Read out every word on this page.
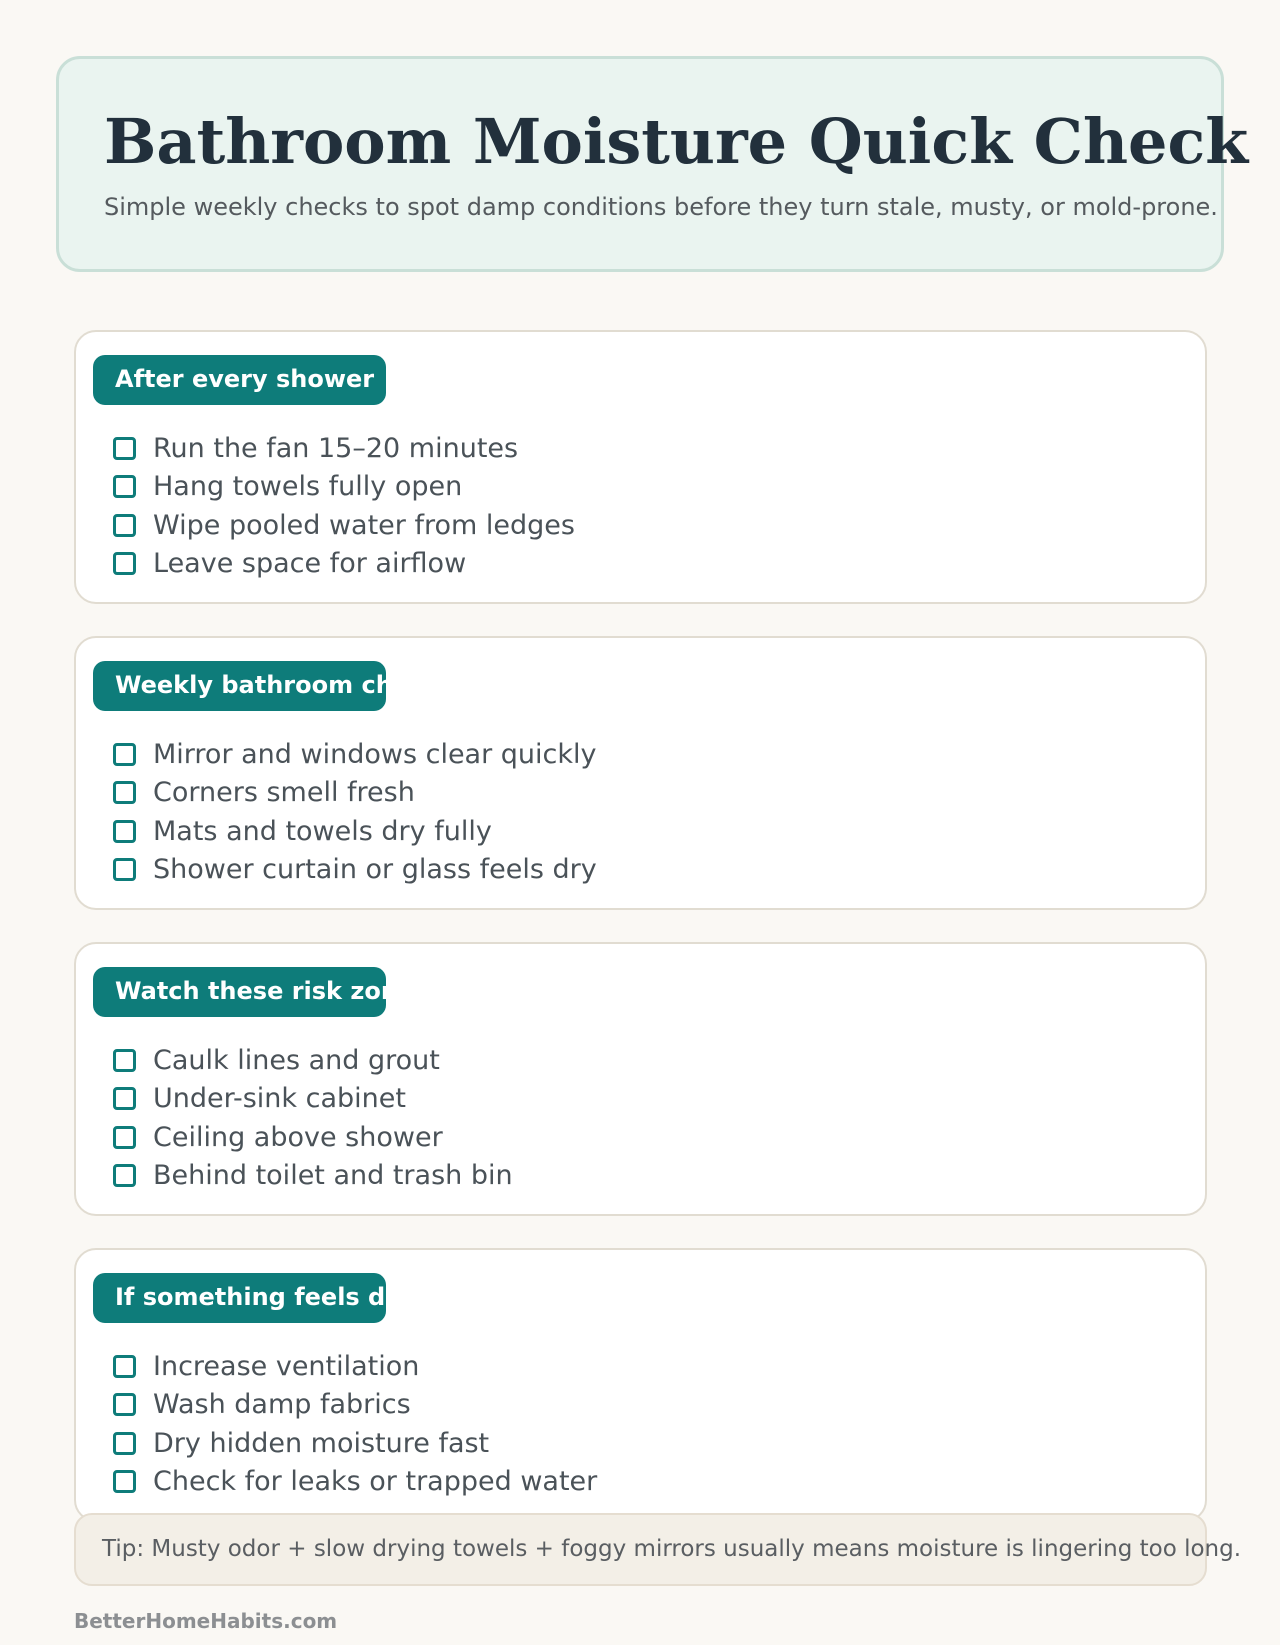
Bathroom Moisture Quick Check

Simple weekly checks to spot damp conditions before they turn stale, musty, or mold-prone.

After every shower
Run the fan 15–20 minutes
Hang towels fully open
Wipe pooled water from ledges
Leave space for airflow
Weekly bathroom check
Mirror and windows clear quickly
Corners smell fresh
Mats and towels dry fully
Shower curtain or glass feels dry
Watch these risk zones
Caulk lines and grout
Under-sink cabinet
Ceiling above shower
Behind toilet and trash bin
If something feels damp
Increase ventilation
Wash damp fabrics
Dry hidden moisture fast
Check for leaks or trapped water
Tip: Musty odor + slow drying towels + foggy mirrors usually means moisture is lingering too long.
BetterHomeHabits.com
